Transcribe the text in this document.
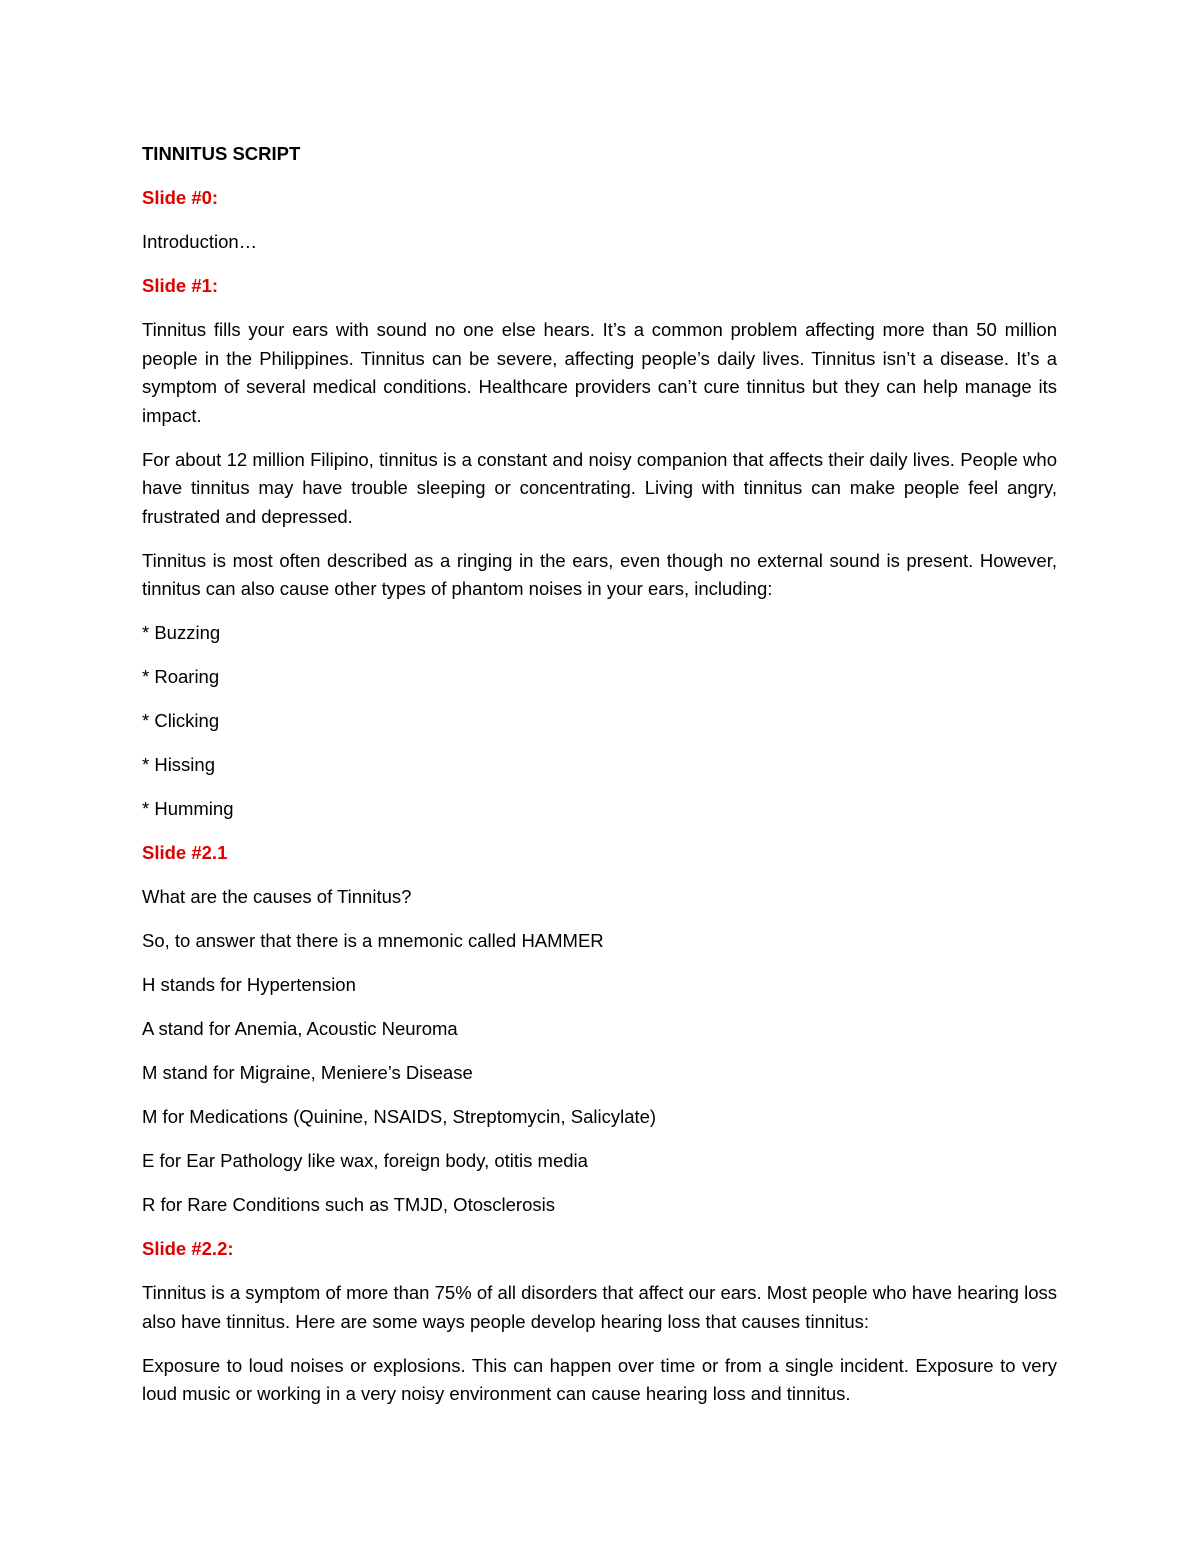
TINNITUS SCRIPT

Slide #0:

Introduction…

Slide #1:

Tinnitus fills your ears with sound no one else hears. It’s a common problem affecting more than 50 million people in the Philippines. Tinnitus can be severe, affecting people’s daily lives. Tinnitus isn’t a disease. It’s a symptom of several medical conditions. Healthcare providers can’t cure tinnitus but they can help manage its impact.

For about 12 million Filipino, tinnitus is a constant and noisy companion that affects their daily lives. People who have tinnitus may have trouble sleeping or concentrating. Living with tinnitus can make people feel angry, frustrated and depressed.

Tinnitus is most often described as a ringing in the ears, even though no external sound is present. However, tinnitus can also cause other types of phantom noises in your ears, including:

* Buzzing

* Roaring

* Clicking

* Hissing

* Humming

Slide #2.1

What are the causes of Tinnitus?

So, to answer that there is a mnemonic called HAMMER

H stands for Hypertension

A stand for Anemia, Acoustic Neuroma

M stand for Migraine, Meniere’s Disease

M for Medications (Quinine, NSAIDS, Streptomycin, Salicylate)

E for Ear Pathology like wax, foreign body, otitis media

R for Rare Conditions such as TMJD, Otosclerosis

Slide #2.2:

Tinnitus is a symptom of more than 75% of all disorders that affect our ears. Most people who have hearing loss also have tinnitus. Here are some ways people develop hearing loss that causes tinnitus:

Exposure to loud noises or explosions. This can happen over time or from a single incident. Exposure to very loud music or working in a very noisy environment can cause hearing loss and tinnitus.
